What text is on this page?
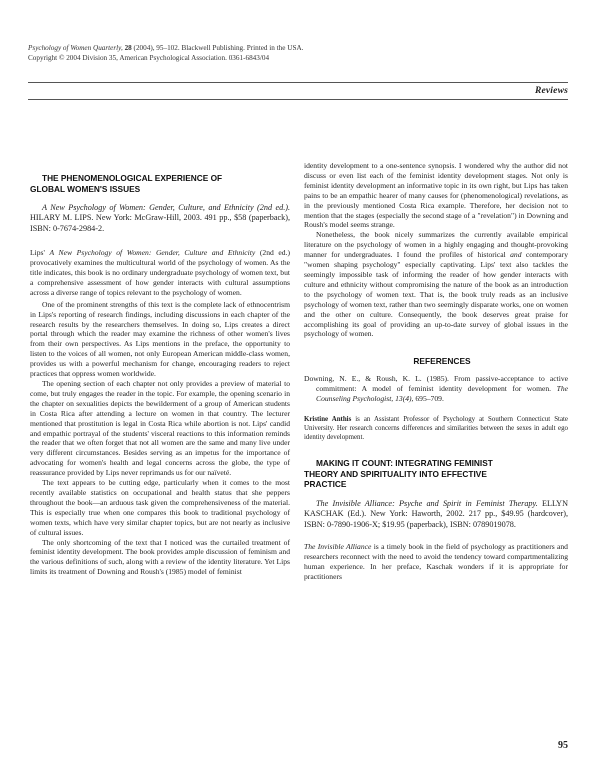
Psychology of Women Quarterly, 28 (2004), 95–102. Blackwell Publishing. Printed in the USA.
Copyright © 2004 Division 35, American Psychological Association. 0361-6843/04
Reviews

THE PHENOMENOLOGICAL EXPERIENCE OF
GLOBAL WOMEN'S ISSUES

A New Psychology of Women: Gender, Culture, and Ethnicity (2nd ed.). HILARY M. LIPS. New York: McGraw-Hill, 2003. 491 pp., $58 (paperback), ISBN: 0-7674-2984-2.

Lips' A New Psychology of Women: Gender, Culture and Ethnicity (2nd ed.) provocatively examines the multicultural world of the psychology of women. As the title indicates, this book is no ordinary undergraduate psychology of women text, but a comprehensive assessment of how gender interacts with cultural assumptions across a diverse range of topics relevant to the psychology of women.

One of the prominent strengths of this text is the complete lack of ethnocentrism in Lips's reporting of research findings, including discussions in each chapter of the research results by the researchers themselves. In doing so, Lips creates a direct portal through which the reader may examine the richness of other women's lives from their own perspectives. As Lips mentions in the preface, the opportunity to listen to the voices of all women, not only European American middle-class women, provides us with a powerful mechanism for change, encouraging readers to reject practices that oppress women worldwide.

The opening section of each chapter not only provides a preview of material to come, but truly engages the reader in the topic. For example, the opening scenario in the chapter on sexualities depicts the bewilderment of a group of American students in Costa Rica after attending a lecture on women in that country. The lecturer mentioned that prostitution is legal in Costa Rica while abortion is not. Lips' candid and empathic portrayal of the students' visceral reactions to this information reminds the reader that we often forget that not all women are the same and many live under very different circumstances. Besides serving as an impetus for the importance of advocating for women's health and legal concerns across the globe, the type of reassurance provided by Lips never reprimands us for our naïveté.

The text appears to be cutting edge, particularly when it comes to the most recently available statistics on occupational and health status that she peppers throughout the book—an arduous task given the comprehensiveness of the material. This is especially true when one compares this book to traditional psychology of women texts, which have very similar chapter topics, but are not nearly as inclusive of cultural issues.

The only shortcoming of the text that I noticed was the curtailed treatment of feminist identity development. The book provides ample discussion of feminism and the various definitions of such, along with a review of the identity literature. Yet Lips limits its treatment of Downing and Roush's (1985) model of feminist

identity development to a one-sentence synopsis. I wondered why the author did not discuss or even list each of the feminist identity development stages. Not only is feminist identity development an informative topic in its own right, but Lips has taken pains to be an empathic hearer of many causes for (phenomenological) revelations, as in the previously mentioned Costa Rica example. Therefore, her decision not to mention that the stages (especially the second stage of a "revelation") in Downing and Roush's model seems strange.

Nonetheless, the book nicely summarizes the currently available empirical literature on the psychology of women in a highly engaging and thought-provoking manner for undergraduates. I found the profiles of historical and contemporary "women shaping psychology" especially captivating. Lips' text also tackles the seemingly impossible task of informing the reader of how gender interacts with culture and ethnicity without compromising the nature of the book as an introduction to the psychology of women text. That is, the book truly reads as an inclusive psychology of women text, rather than two seemingly disparate works, one on women and the other on culture. Consequently, the book deserves great praise for accomplishing its goal of providing an up-to-date survey of global issues in the psychology of women.

REFERENCES

Downing, N. E., & Roush, K. L. (1985). From passive-acceptance to active commitment: A model of feminist identity development for women. The Counseling Psychologist, 13(4), 695–709.

Kristine Anthis is an Assistant Professor of Psychology at Southern Connecticut State University. Her research concerns differences and similarities between the sexes in adult ego identity development.

MAKING IT COUNT: INTEGRATING FEMINIST
THEORY AND SPIRITUALITY INTO EFFECTIVE
PRACTICE

The Invisible Alliance: Psyche and Spirit in Feminist Therapy. ELLYN KASCHAK (Ed.). New York: Haworth, 2002. 217 pp., $49.95 (hardcover), ISBN: 0-7890-1906-X; $19.95 (paperback), ISBN: 0789019078.

The Invisible Alliance is a timely book in the field of psychology as practitioners and researchers reconnect with the need to avoid the tendency toward compartmentalizing human experience. In her preface, Kaschak wonders if it is appropriate for practitioners

95
